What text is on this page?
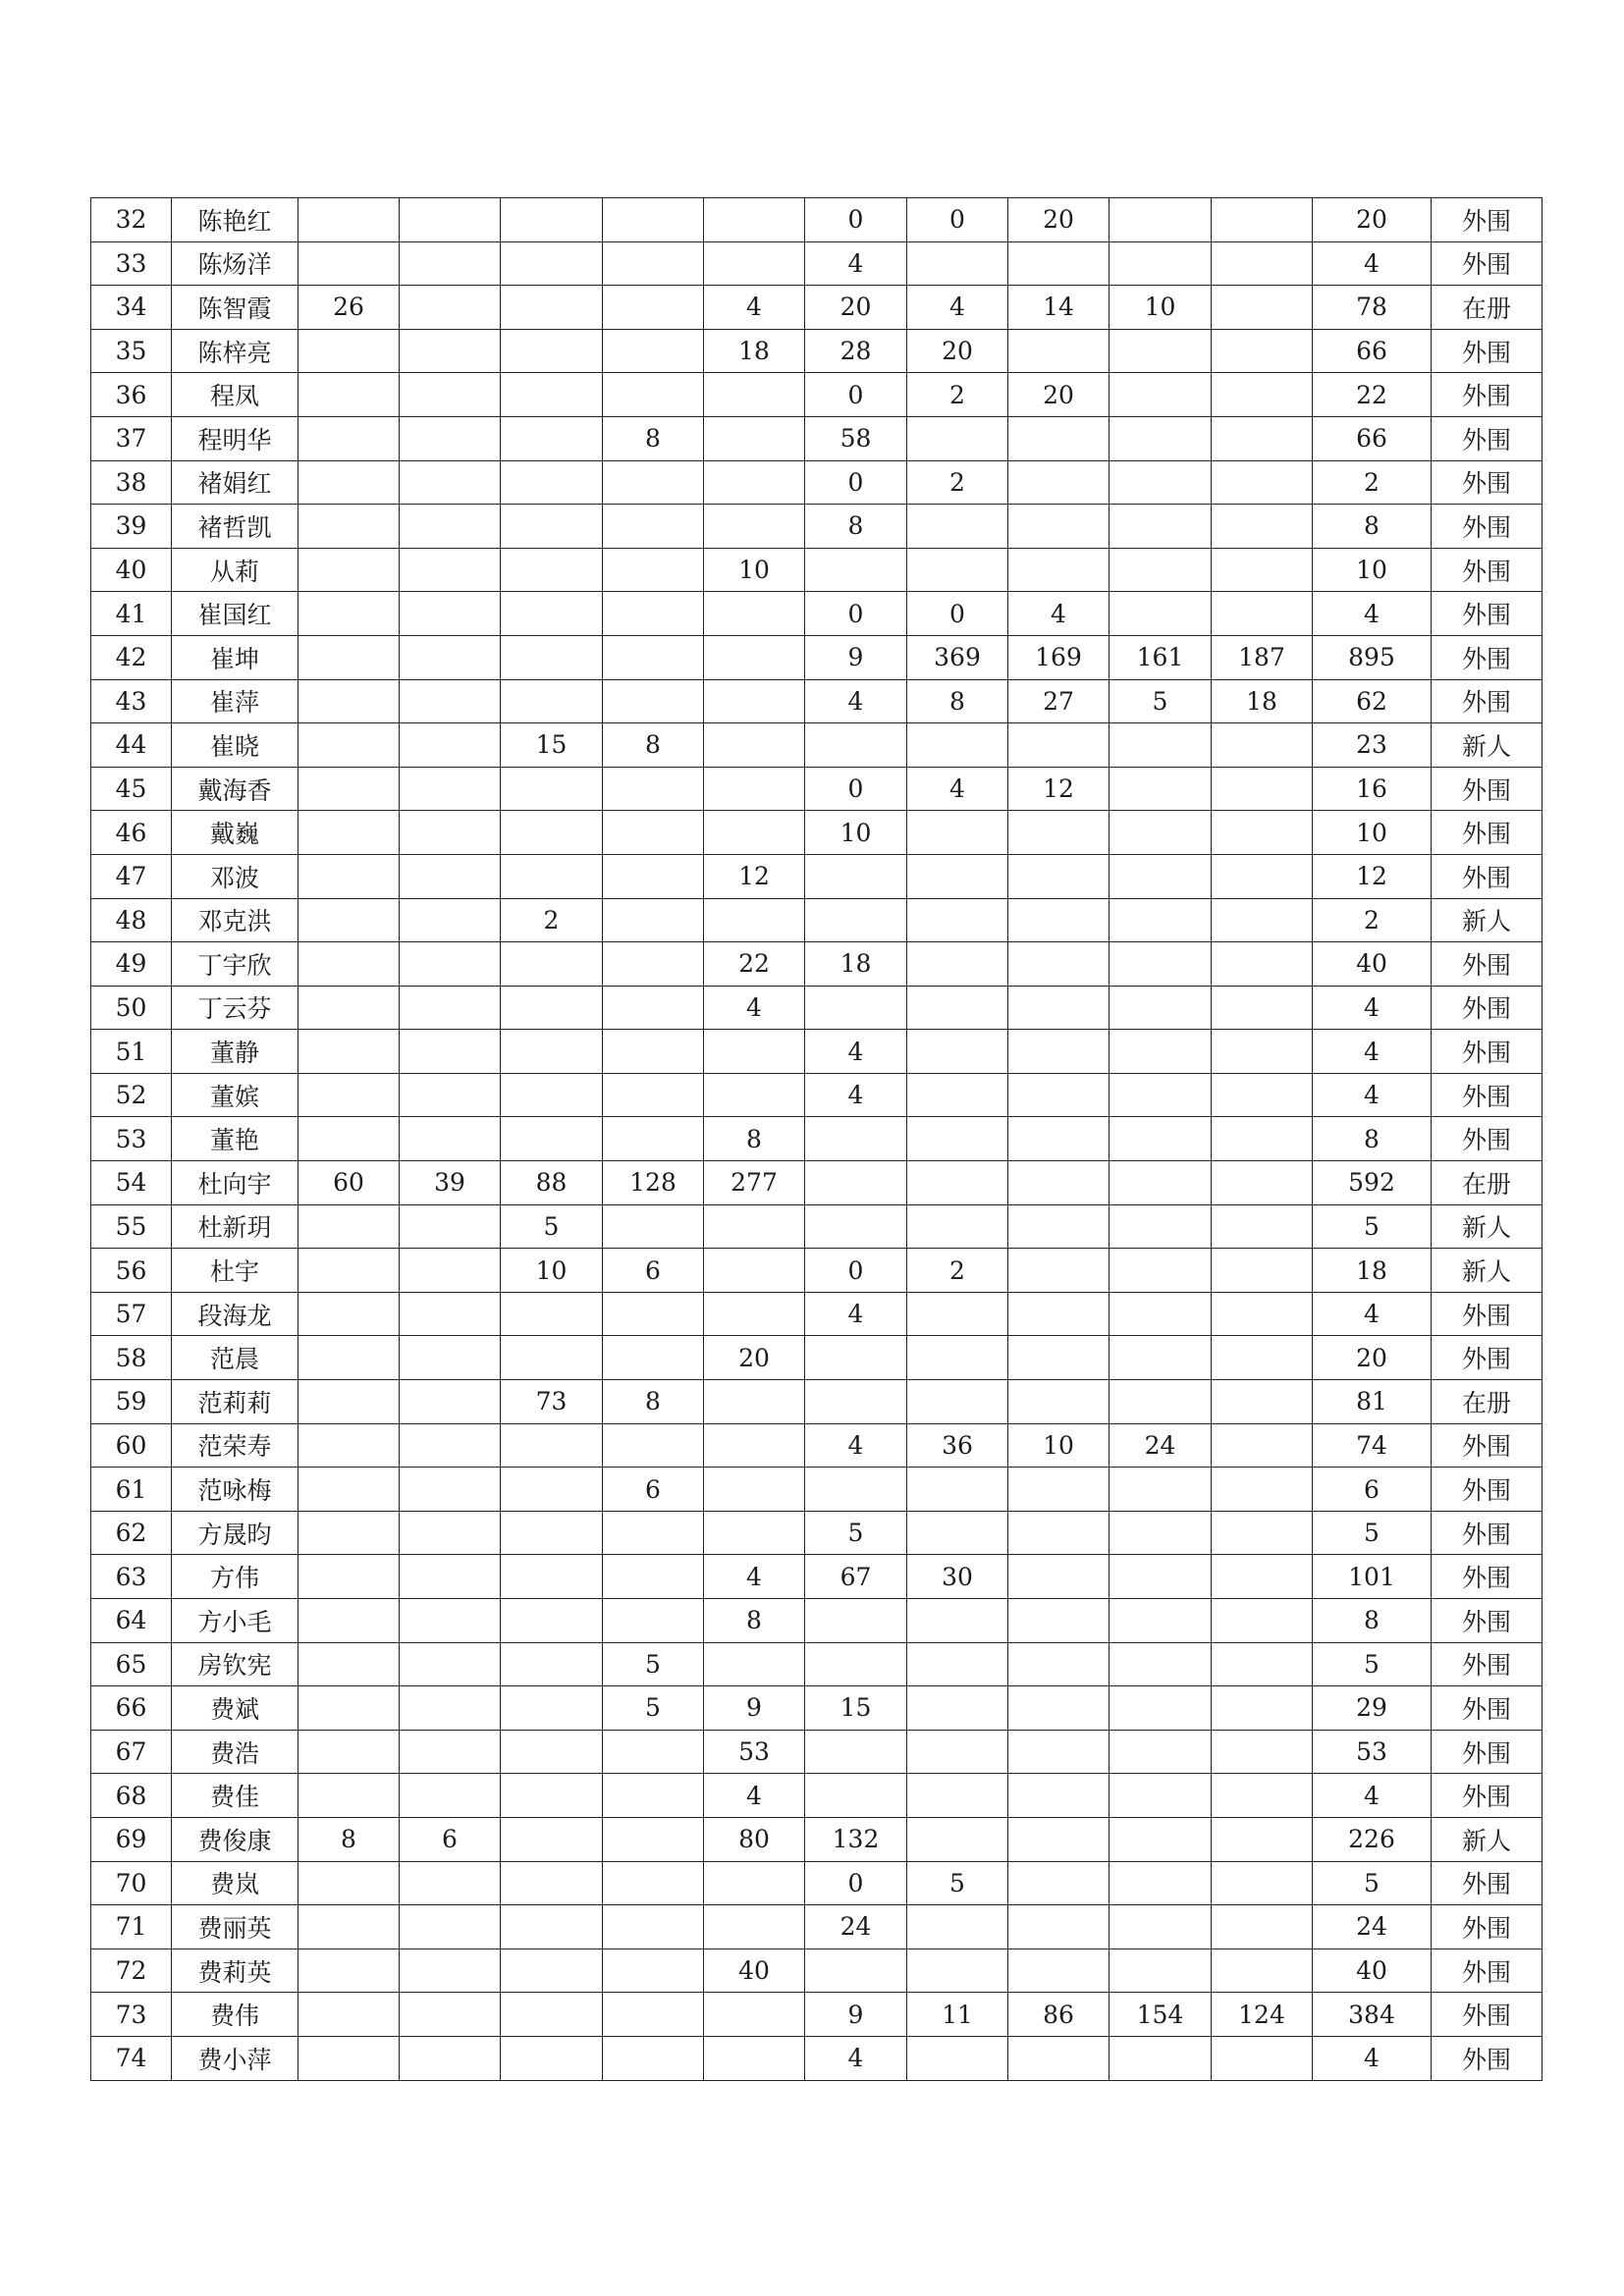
32	陈艳红						0	0	20			20	外围
33	陈炀洋						4					4	外围
34	陈智霞	26				4	20	4	14	10		78	在册
35	陈梓亮					18	28	20				66	外围
36	程凤						0	2	20			22	外围
37	程明华				8		58					66	外围
38	褚娟红						0	2				2	外围
39	褚哲凯						8					8	外围
40	从莉					10						10	外围
41	崔国红						0	0	4			4	外围
42	崔坤						9	369	169	161	187	895	外围
43	崔萍						4	8	27	5	18	62	外围
44	崔晓			15	8							23	新人
45	戴海香						0	4	12			16	外围
46	戴巍						10					10	外围
47	邓波					12						12	外围
48	邓克洪			2								2	新人
49	丁宇欣					22	18					40	外围
50	丁云芬					4						4	外围
51	董静						4					4	外围
52	董嫔						4					4	外围
53	董艳					8						8	外围
54	杜向宇	60	39	88	128	277						592	在册
55	杜新玥			5								5	新人
56	杜宇			10	6		0	2				18	新人
57	段海龙						4					4	外围
58	范晨					20						20	外围
59	范莉莉			73	8							81	在册
60	范荣寿						4	36	10	24		74	外围
61	范咏梅				6							6	外围
62	方晟昀						5					5	外围
63	方伟					4	67	30				101	外围
64	方小毛					8						8	外围
65	房钦宪				5							5	外围
66	费斌				5	9	15					29	外围
67	费浩					53						53	外围
68	费佳					4						4	外围
69	费俊康	8	6			80	132					226	新人
70	费岚						0	5				5	外围
71	费丽英						24					24	外围
72	费莉英					40						40	外围
73	费伟						9	11	86	154	124	384	外围
74	费小萍						4					4	外围
